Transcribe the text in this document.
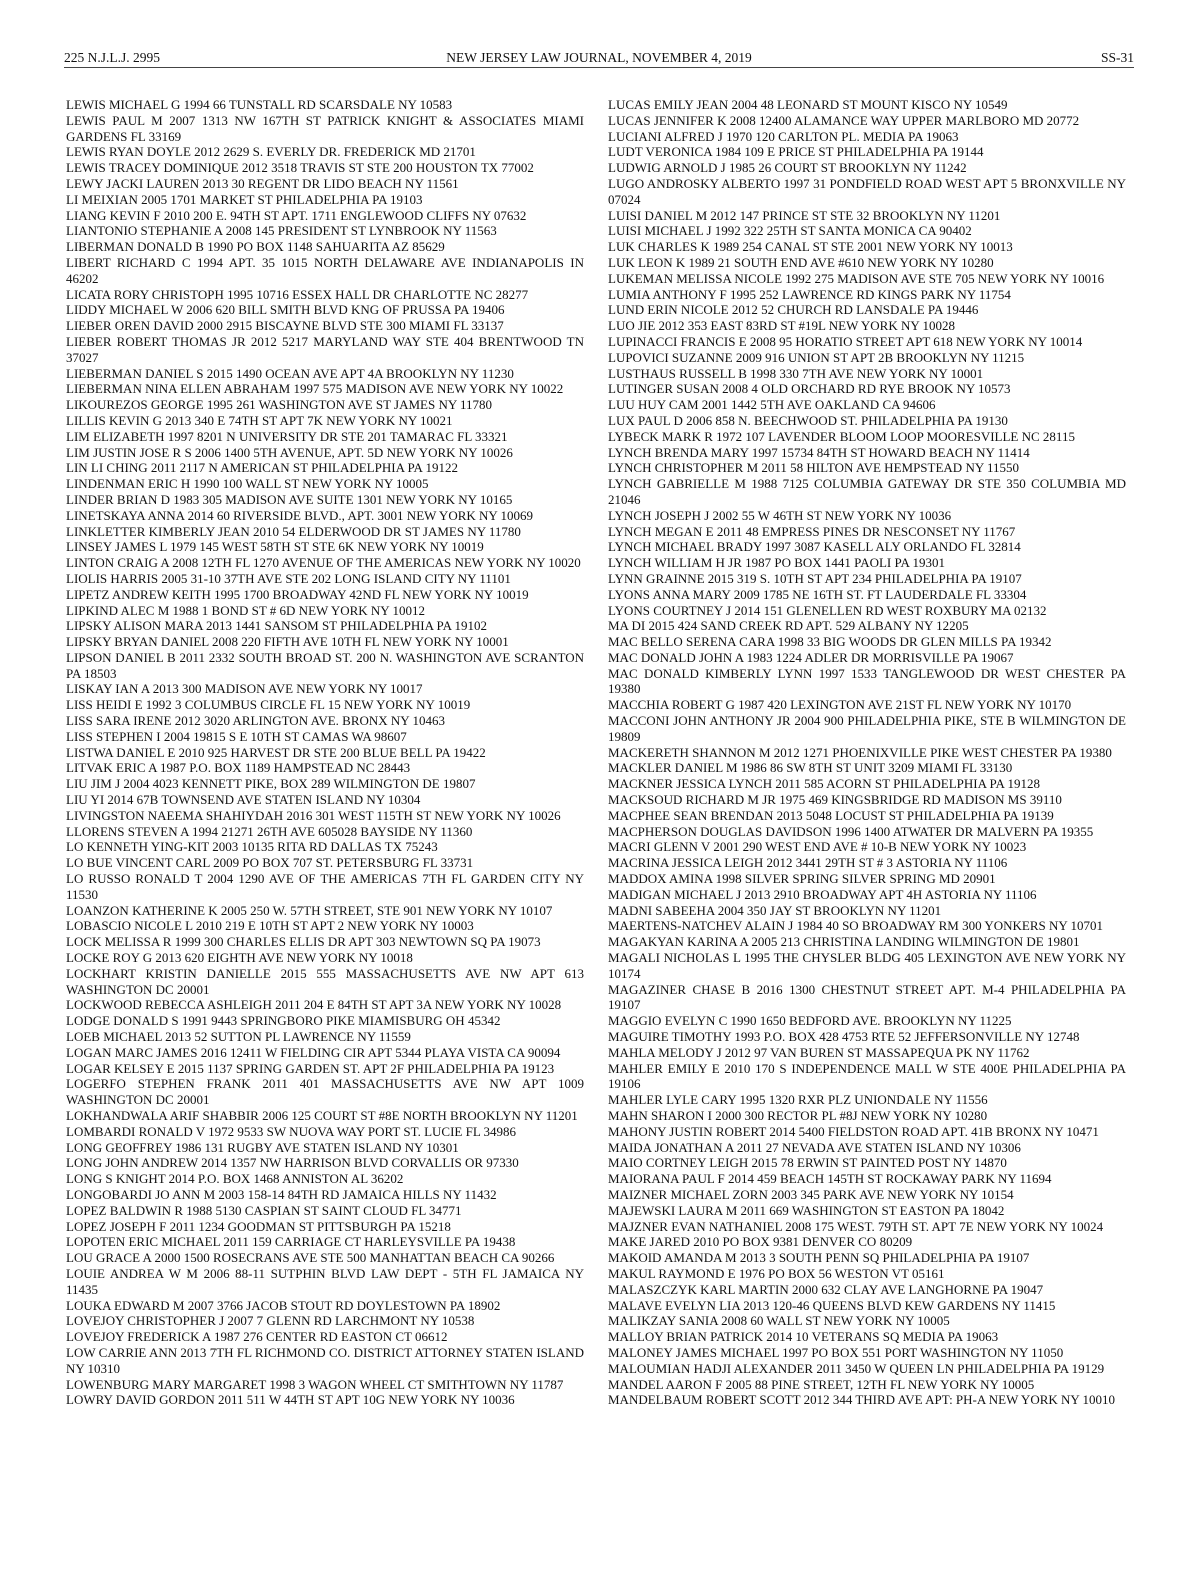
NEW JERSEY LAW JOURNAL, NOVEMBER 4, 2019
225 N.J.L.J. 2995	SS-31

LEWIS MICHAEL G 1994 66 TUNSTALL RD SCARSDALE NY 10583

LEWIS PAUL M 2007 1313 NW 167TH ST PATRICK KNIGHT & ASSOCIATES MIAMI GARDENS FL 33169

LEWIS RYAN DOYLE 2012 2629 S. EVERLY DR. FREDERICK MD 21701

LEWIS TRACEY DOMINIQUE 2012 3518 TRAVIS ST STE 200 HOUSTON TX 77002

LEWY JACKI LAUREN 2013 30 REGENT DR LIDO BEACH NY 11561

LI MEIXIAN 2005 1701 MARKET ST PHILADELPHIA PA 19103

LIANG KEVIN F 2010 200 E. 94TH ST APT. 1711 ENGLEWOOD CLIFFS NY 07632

LIANTONIO STEPHANIE A 2008 145 PRESIDENT ST LYNBROOK NY 11563

LIBERMAN DONALD B 1990 PO BOX 1148 SAHUARITA AZ 85629

LIBERT RICHARD C 1994 APT. 35 1015 NORTH DELAWARE AVE INDIANAPOLIS IN 46202

LICATA RORY CHRISTOPH 1995 10716 ESSEX HALL DR CHARLOTTE NC 28277

LIDDY MICHAEL W 2006 620 BILL SMITH BLVD KNG OF PRUSSA PA 19406

LIEBER OREN DAVID 2000 2915 BISCAYNE BLVD STE 300 MIAMI FL 33137

LIEBER ROBERT THOMAS JR 2012 5217 MARYLAND WAY STE 404 BRENTWOOD TN 37027

LIEBERMAN DANIEL S 2015 1490 OCEAN AVE APT 4A BROOKLYN NY 11230

LIEBERMAN NINA ELLEN ABRAHAM 1997 575 MADISON AVE NEW YORK NY 10022

LIKOUREZOS GEORGE 1995 261 WASHINGTON AVE ST JAMES NY 11780

LILLIS KEVIN G 2013 340 E 74TH ST APT 7K NEW YORK NY 10021

LIM ELIZABETH 1997 8201 N UNIVERSITY DR STE 201 TAMARAC FL 33321

LIM JUSTIN JOSE R S 2006 1400 5TH AVENUE, APT. 5D NEW YORK NY 10026

LIN LI CHING 2011 2117 N AMERICAN ST PHILADELPHIA PA 19122

LINDENMAN ERIC H 1990 100 WALL ST NEW YORK NY 10005

LINDER BRIAN D 1983 305 MADISON AVE SUITE 1301 NEW YORK NY 10165

LINETSKAYA ANNA 2014 60 RIVERSIDE BLVD., APT. 3001 NEW YORK NY 10069

LINKLETTER KIMBERLY JEAN 2010 54 ELDERWOOD DR ST JAMES NY 11780

LINSEY JAMES L 1979 145 WEST 58TH ST STE 6K NEW YORK NY 10019

LINTON CRAIG A 2008 12TH FL 1270 AVENUE OF THE AMERICAS NEW YORK NY 10020

LIOLIS HARRIS 2005 31-10 37TH AVE STE 202 LONG ISLAND CITY NY 11101

LIPETZ ANDREW KEITH 1995 1700 BROADWAY 42ND FL NEW YORK NY 10019

LIPKIND ALEC M 1988 1 BOND ST # 6D NEW YORK NY 10012

LIPSKY ALISON MARA 2013 1441 SANSOM ST PHILADELPHIA PA 19102

LIPSKY BRYAN DANIEL 2008 220 FIFTH AVE 10TH FL NEW YORK NY 10001

LIPSON DANIEL B 2011 2332 SOUTH BROAD ST. 200 N. WASHINGTON AVE SCRANTON PA 18503

LISKAY IAN A 2013 300 MADISON AVE NEW YORK NY 10017

LISS HEIDI E 1992 3 COLUMBUS CIRCLE FL 15 NEW YORK NY 10019

LISS SARA IRENE 2012 3020 ARLINGTON AVE. BRONX NY 10463

LISS STEPHEN I 2004 19815 S E 10TH ST CAMAS WA 98607

LISTWA DANIEL E 2010 925 HARVEST DR STE 200 BLUE BELL PA 19422

LITVAK ERIC A 1987 P.O. BOX 1189 HAMPSTEAD NC 28443

LIU JIM J 2004 4023 KENNETT PIKE, BOX 289 WILMINGTON DE 19807

LIU YI 2014 67B TOWNSEND AVE STATEN ISLAND NY 10304

LIVINGSTON NAEEMA SHAHIYDAH 2016 301 WEST 115TH ST NEW YORK NY 10026

LLORENS STEVEN A 1994 21271 26TH AVE 605028 BAYSIDE NY 11360

LO KENNETH YING-KIT 2003 10135 RITA RD DALLAS TX 75243

LO BUE VINCENT CARL 2009 PO BOX 707 ST. PETERSBURG FL 33731

LO RUSSO RONALD T 2004 1290 AVE OF THE AMERICAS 7TH FL GARDEN CITY NY 11530

LOANZON KATHERINE K 2005 250 W. 57TH STREET, STE 901 NEW YORK NY 10107

LOBASCIO NICOLE L 2010 219 E 10TH ST APT 2 NEW YORK NY 10003

LOCK MELISSA R 1999 300 CHARLES ELLIS DR APT 303 NEWTOWN SQ PA 19073

LOCKE ROY G 2013 620 EIGHTH AVE NEW YORK NY 10018

LOCKHART KRISTIN DANIELLE 2015 555 MASSACHUSETTS AVE NW APT 613 WASHINGTON DC 20001

LOCKWOOD REBECCA ASHLEIGH 2011 204 E 84TH ST APT 3A NEW YORK NY 10028

LODGE DONALD S 1991 9443 SPRINGBORO PIKE MIAMISBURG OH 45342

LOEB MICHAEL 2013 52 SUTTON PL LAWRENCE NY 11559

LOGAN MARC JAMES 2016 12411 W FIELDING CIR APT 5344 PLAYA VISTA CA 90094

LOGAR KELSEY E 2015 1137 SPRING GARDEN ST. APT 2F PHILADELPHIA PA 19123

LOGERFO STEPHEN FRANK 2011 401 MASSACHUSETTS AVE NW APT 1009 WASHINGTON DC 20001

LOKHANDWALA ARIF SHABBIR 2006 125 COURT ST #8E NORTH BROOKLYN NY 11201

LOMBARDI RONALD V 1972 9533 SW NUOVA WAY PORT ST. LUCIE FL 34986

LONG GEOFFREY 1986 131 RUGBY AVE STATEN ISLAND NY 10301

LONG JOHN ANDREW 2014 1357 NW HARRISON BLVD CORVALLIS OR 97330

LONG S KNIGHT 2014 P.O. BOX 1468 ANNISTON AL 36202

LONGOBARDI JO ANN M 2003 158-14 84TH RD JAMAICA HILLS NY 11432

LOPEZ BALDWIN R 1988 5130 CASPIAN ST SAINT CLOUD FL 34771

LOPEZ JOSEPH F 2011 1234 GOODMAN ST PITTSBURGH PA 15218

LOPOTEN ERIC MICHAEL 2011 159 CARRIAGE CT HARLEYSVILLE PA 19438

LOU GRACE A 2000 1500 ROSECRANS AVE STE 500 MANHATTAN BEACH CA 90266

LOUIE ANDREA W M 2006 88-11 SUTPHIN BLVD LAW DEPT - 5TH FL JAMAICA NY 11435

LOUKA EDWARD M 2007 3766 JACOB STOUT RD DOYLESTOWN PA 18902

LOVEJOY CHRISTOPHER J 2007 7 GLENN RD LARCHMONT NY 10538

LOVEJOY FREDERICK A 1987 276 CENTER RD EASTON CT 06612

LOW CARRIE ANN 2013 7TH FL RICHMOND CO. DISTRICT ATTORNEY STATEN ISLAND NY 10310

LOWENBURG MARY MARGARET 1998 3 WAGON WHEEL CT SMITHTOWN NY 11787

LOWRY DAVID GORDON 2011 511 W 44TH ST APT 10G NEW YORK NY 10036

LUCAS EMILY JEAN 2004 48 LEONARD ST MOUNT KISCO NY 10549

LUCAS JENNIFER K 2008 12400 ALAMANCE WAY UPPER MARLBORO MD 20772

LUCIANI ALFRED J 1970 120 CARLTON PL. MEDIA PA 19063

LUDT VERONICA 1984 109 E PRICE ST PHILADELPHIA PA 19144

LUDWIG ARNOLD J 1985 26 COURT ST BROOKLYN NY 11242

LUGO ANDROSKY ALBERTO 1997 31 PONDFIELD ROAD WEST APT 5 BRONXVILLE NY 07024

LUISI DANIEL M 2012 147 PRINCE ST STE 32 BROOKLYN NY 11201

LUISI MICHAEL J 1992 322 25TH ST SANTA MONICA CA 90402

LUK CHARLES K 1989 254 CANAL ST STE 2001 NEW YORK NY 10013

LUK LEON K 1989 21 SOUTH END AVE #610 NEW YORK NY 10280

LUKEMAN MELISSA NICOLE 1992 275 MADISON AVE STE 705 NEW YORK NY 10016

LUMIA ANTHONY F 1995 252 LAWRENCE RD KINGS PARK NY 11754

LUND ERIN NICOLE 2012 52 CHURCH RD LANSDALE PA 19446

LUO JIE 2012 353 EAST 83RD ST #19L NEW YORK NY 10028

LUPINACCI FRANCIS E 2008 95 HORATIO STREET APT 618 NEW YORK NY 10014

LUPOVICI SUZANNE 2009 916 UNION ST APT 2B BROOKLYN NY 11215

LUSTHAUS RUSSELL B 1998 330 7TH AVE NEW YORK NY 10001

LUTINGER SUSAN 2008 4 OLD ORCHARD RD RYE BROOK NY 10573

LUU HUY CAM 2001 1442 5TH AVE OAKLAND CA 94606

LUX PAUL D 2006 858 N. BEECHWOOD ST. PHILADELPHIA PA 19130

LYBECK MARK R 1972 107 LAVENDER BLOOM LOOP MOORESVILLE NC 28115

LYNCH BRENDA MARY 1997 15734 84TH ST HOWARD BEACH NY 11414

LYNCH CHRISTOPHER M 2011 58 HILTON AVE HEMPSTEAD NY 11550

LYNCH GABRIELLE M 1988 7125 COLUMBIA GATEWAY DR STE 350 COLUMBIA MD 21046

LYNCH JOSEPH J 2002 55 W 46TH ST NEW YORK NY 10036

LYNCH MEGAN E 2011 48 EMPRESS PINES DR NESCONSET NY 11767

LYNCH MICHAEL BRADY 1997 3087 KASELL ALY ORLANDO FL 32814

LYNCH WILLIAM H JR 1987 PO BOX 1441 PAOLI PA 19301

LYNN GRAINNE 2015 319 S. 10TH ST APT 234 PHILADELPHIA PA 19107

LYONS ANNA MARY 2009 1785 NE 16TH ST. FT LAUDERDALE FL 33304

LYONS COURTNEY J 2014 151 GLENELLEN RD WEST ROXBURY MA 02132

MA DI 2015 424 SAND CREEK RD APT. 529 ALBANY NY 12205

MAC BELLO SERENA CARA 1998 33 BIG WOODS DR GLEN MILLS PA 19342

MAC DONALD JOHN A 1983 1224 ADLER DR MORRISVILLE PA 19067

MAC DONALD KIMBERLY LYNN 1997 1533 TANGLEWOOD DR WEST CHESTER PA 19380

MACCHIA ROBERT G 1987 420 LEXINGTON AVE 21ST FL NEW YORK NY 10170

MACCONI JOHN ANTHONY JR 2004 900 PHILADELPHIA PIKE, STE B WILMINGTON DE 19809

MACKERETH SHANNON M 2012 1271 PHOENIXVILLE PIKE WEST CHESTER PA 19380

MACKLER DANIEL M 1986 86 SW 8TH ST UNIT 3209 MIAMI FL 33130

MACKNER JESSICA LYNCH 2011 585 ACORN ST PHILADELPHIA PA 19128

MACKSOUD RICHARD M JR 1975 469 KINGSBRIDGE RD MADISON MS 39110

MACPHEE SEAN BRENDAN 2013 5048 LOCUST ST PHILADELPHIA PA 19139

MACPHERSON DOUGLAS DAVIDSON 1996 1400 ATWATER DR MALVERN PA 19355

MACRI GLENN V 2001 290 WEST END AVE # 10-B NEW YORK NY 10023

MACRINA JESSICA LEIGH 2012 3441 29TH ST # 3 ASTORIA NY 11106

MADDOX AMINA 1998 SILVER SPRING SILVER SPRING MD 20901

MADIGAN MICHAEL J 2013 2910 BROADWAY APT 4H ASTORIA NY 11106

MADNI SABEEHA 2004 350 JAY ST BROOKLYN NY 11201

MAERTENS-NATCHEV ALAIN J 1984 40 SO BROADWAY RM 300 YONKERS NY 10701

MAGAKYAN KARINA A 2005 213 CHRISTINA LANDING WILMINGTON DE 19801

MAGALI NICHOLAS L 1995 THE CHYSLER BLDG 405 LEXINGTON AVE NEW YORK NY 10174

MAGAZINER CHASE B 2016 1300 CHESTNUT STREET APT. M-4 PHILADELPHIA PA 19107

MAGGIO EVELYN C 1990 1650 BEDFORD AVE. BROOKLYN NY 11225

MAGUIRE TIMOTHY 1993 P.O. BOX 428 4753 RTE 52 JEFFERSONVILLE NY 12748

MAHLA MELODY J 2012 97 VAN BUREN ST MASSAPEQUA PK NY 11762

MAHLER EMILY E 2010 170 S INDEPENDENCE MALL W STE 400E PHILADELPHIA PA 19106

MAHLER LYLE CARY 1995 1320 RXR PLZ UNIONDALE NY 11556

MAHN SHARON I 2000 300 RECTOR PL #8J NEW YORK NY 10280

MAHONY JUSTIN ROBERT 2014 5400 FIELDSTON ROAD APT. 41B BRONX NY 10471

MAIDA JONATHAN A 2011 27 NEVADA AVE STATEN ISLAND NY 10306

MAIO CORTNEY LEIGH 2015 78 ERWIN ST PAINTED POST NY 14870

MAIORANA PAUL F 2014 459 BEACH 145TH ST ROCKAWAY PARK NY 11694

MAIZNER MICHAEL ZORN 2003 345 PARK AVE NEW YORK NY 10154

MAJEWSKI LAURA M 2011 669 WASHINGTON ST EASTON PA 18042

MAJZNER EVAN NATHANIEL 2008 175 WEST. 79TH ST. APT 7E NEW YORK NY 10024

MAKE JARED 2010 PO BOX 9381 DENVER CO 80209

MAKOID AMANDA M 2013 3 SOUTH PENN SQ PHILADELPHIA PA 19107

MAKUL RAYMOND E 1976 PO BOX 56 WESTON VT 05161

MALASZCZYK KARL MARTIN 2000 632 CLAY AVE LANGHORNE PA 19047

MALAVE EVELYN LIA 2013 120-46 QUEENS BLVD KEW GARDENS NY 11415

MALIKZAY SANIA 2008 60 WALL ST NEW YORK NY 10005

MALLOY BRIAN PATRICK 2014 10 VETERANS SQ MEDIA PA 19063

MALONEY JAMES MICHAEL 1997 PO BOX 551 PORT WASHINGTON NY 11050

MALOUMIAN HADJI ALEXANDER 2011 3450 W QUEEN LN PHILADELPHIA PA 19129

MANDEL AARON F 2005 88 PINE STREET, 12TH FL NEW YORK NY 10005

MANDELBAUM ROBERT SCOTT 2012 344 THIRD AVE APT: PH-A NEW YORK NY 10010
